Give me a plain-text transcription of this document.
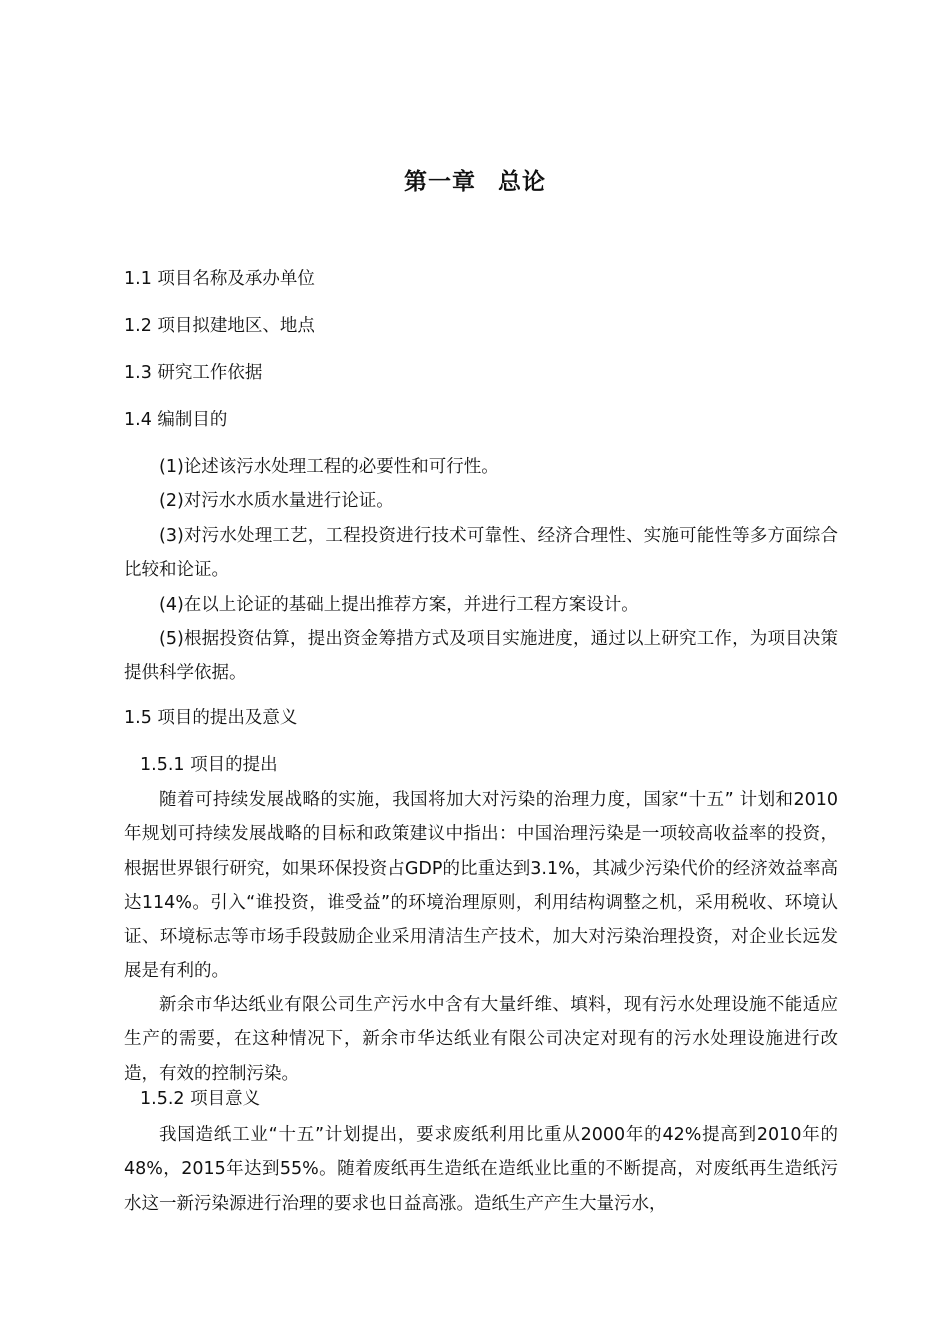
第一章 总论
1.1 项目名称及承办单位
1.2 项目拟建地区、地点
1.3 研究工作依据
1.4 编制目的

(1)论述该污水处理工程的必要性和可行性。

(2)对污水水质水量进行论证。

(3)对污水处理工艺，工程投资进行技术可靠性、经济合理性、实施可能性等多方面综合比较和论证。

(4)在以上论证的基础上提出推荐方案，并进行工程方案设计。

(5)根据投资估算，提出资金筹措方式及项目实施进度，通过以上研究工作，为项目决策提供科学依据。

1.5 项目的提出及意义
1.5.1 项目的提出

随着可持续发展战略的实施，我国将加大对污染的治理力度，国家“十五” 计划和2010年规划可持续发展战略的目标和政策建议中指出：中国治理污染是一项较高收益率的投资，根据世界银行研究，如果环保投资占GDP的比重达到3.1%，其减少污染代价的经济效益率高达114%。引入“谁投资，谁受益”的环境治理原则，利用结构调整之机，采用税收、环境认证、环境标志等市场手段鼓励企业采用清洁生产技术，加大对污染治理投资，对企业长远发展是有利的。

新余市华达纸业有限公司生产污水中含有大量纤维、填料，现有污水处理设施不能适应生产的需要，在这种情况下，新余市华达纸业有限公司决定对现有的污水处理设施进行改造，有效的控制污染。

1.5.2 项目意义

我国造纸工业“十五”计划提出，要求废纸利用比重从2000年的42%提高到2010年的48%，2015年达到55%。随着废纸再生造纸在造纸业比重的不断提高，对废纸再生造纸污水这一新污染源进行治理的要求也日益高涨。造纸生产产生大量污水，
